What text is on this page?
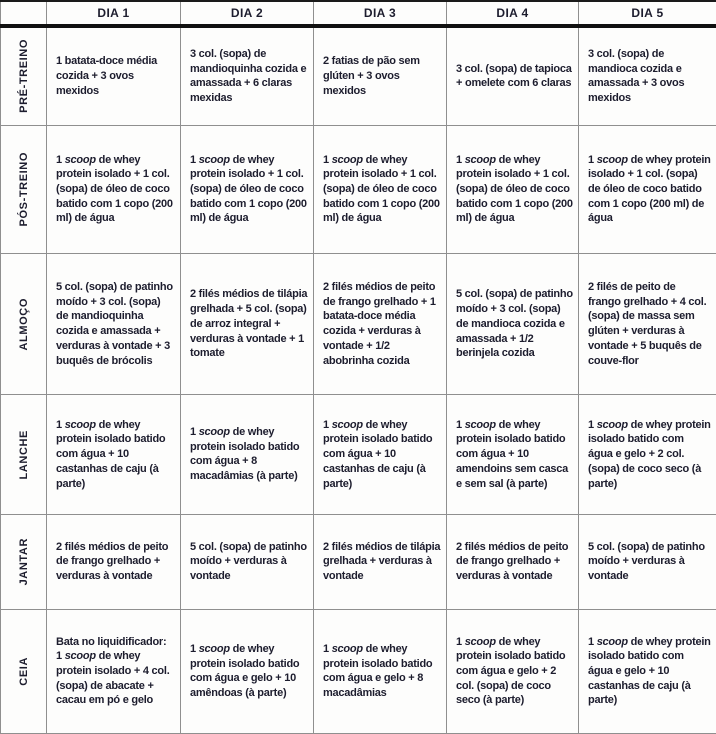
	DIA 1	DIA 2	DIA 3	DIA 4	DIA 5

PRÉ-TREINO	1 batata-doce média cozida + 3 ovos mexidos	3 col. (sopa) de mandioquinha cozida e amassada + 6 claras mexidas	2 fatias de pão sem glúten + 3 ovos mexidos	3 col. (sopa) de tapioca + omelete com 6 claras	3 col. (sopa) de mandioca cozida e amassada + 3 ovos mexidos

PÓS-TREINO	1 scoop de whey protein isolado + 1 col. (sopa) de óleo de coco batido com 1 copo (200 ml) de água	1 scoop de whey protein isolado + 1 col. (sopa) de óleo de coco batido com 1 copo (200 ml) de água	1 scoop de whey protein isolado + 1 col. (sopa) de óleo de coco batido com 1 copo (200 ml) de água	1 scoop de whey protein isolado + 1 col. (sopa) de óleo de coco batido com 1 copo (200 ml) de água	1 scoop de whey protein isolado + 1 col. (sopa) de óleo de coco batido com 1 copo (200 ml) de água

ALMOÇO	5 col. (sopa) de patinho moído + 3 col. (sopa) de mandioquinha cozida e amassada + verduras à vontade + 3 buquês de brócolis	2 filés médios de tilápia grelhada + 5 col. (sopa) de arroz integral + verduras à vontade + 1 tomate	2 filés médios de peito de frango grelhado + 1 batata-doce média cozida + verduras à vontade + 1/2 abobrinha cozida	5 col. (sopa) de patinho moído + 3 col. (sopa) de mandioca cozida e amassada + 1/2 berinjela cozida	2 filés de peito de frango grelhado + 4 col. (sopa) de massa sem glúten + verduras à vontade + 5 buquês de couve-flor

LANCHE	1 scoop de whey protein isolado batido com água + 10 castanhas de caju (à parte)	1 scoop de whey protein isolado batido com água + 8 macadâmias (à parte)	1 scoop de whey protein isolado batido com água + 10 castanhas de caju (à parte)	1 scoop de whey protein isolado batido com água + 10 amendoins sem casca e sem sal (à parte)	1 scoop de whey protein isolado batido com água e gelo + 2 col. (sopa) de coco seco (à parte)

JANTAR	2 filés médios de peito de frango grelhado + verduras à vontade	5 col. (sopa) de patinho moído + verduras à vontade	2 filés médios de tilápia grelhada + verduras à vontade	2 filés médios de peito de frango grelhado + verduras à vontade	5 col. (sopa) de patinho moído + verduras à vontade

CEIA	Bata no liquidificador: 1 scoop de whey protein isolado + 4 col. (sopa) de abacate + cacau em pó e gelo	1 scoop de whey protein isolado batido com água e gelo + 10 amêndoas (à parte)	1 scoop de whey protein isolado batido com água e gelo + 8 macadâmias	1 scoop de whey protein isolado batido com água e gelo + 2 col. (sopa) de coco seco (à parte)	1 scoop de whey protein isolado batido com água e gelo + 10 castanhas de caju (à parte)
